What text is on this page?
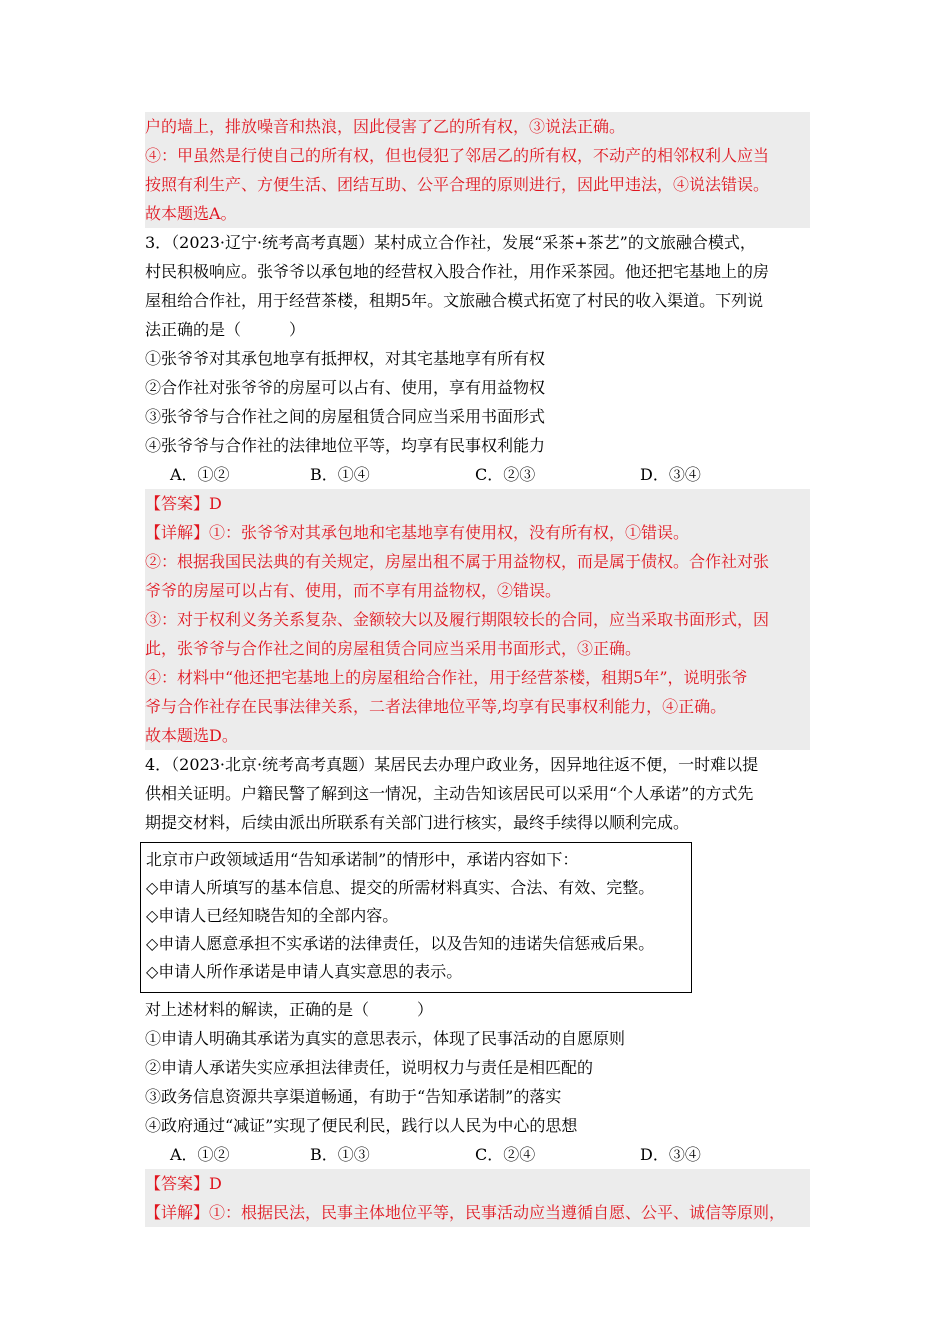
户的墙上，排放噪音和热浪，因此侵害了乙的所有权，③说法正确。
④：甲虽然是行使自己的所有权，但也侵犯了邻居乙的所有权，不动产的相邻权利人应当
按照有利生产、方便生活、团结互助、公平合理的原则进行，因此甲违法，④说法错误。
故本题选A。
3．（2023·辽宁·统考高考真题）某村成立合作社，发展“采茶+茶艺”的文旅融合模式，
村民积极响应。张爷爷以承包地的经营权入股合作社，用作采茶园。他还把宅基地上的房
屋租给合作社，用于经营茶楼，租期5年。文旅融合模式拓宽了村民的收入渠道。下列说
法正确的是（　　　）
①张爷爷对其承包地享有抵押权，对其宅基地享有所有权
②合作社对张爷爷的房屋可以占有、使用，享有用益物权
③张爷爷与合作社之间的房屋租赁合同应当采用书面形式
④张爷爷与合作社的法律地位平等，均享有民事权利能力
A．①②	B．①④	C．②③	D．③④
【答案】D
【详解】①：张爷爷对其承包地和宅基地享有使用权，没有所有权，①错误。
②：根据我国民法典的有关规定，房屋出租不属于用益物权，而是属于债权。合作社对张
爷爷的房屋可以占有、使用，而不享有用益物权，②错误。
③：对于权利义务关系复杂、金额较大以及履行期限较长的合同，应当采取书面形式，因
此，张爷爷与合作社之间的房屋租赁合同应当采用书面形式，③正确。
④：材料中“他还把宅基地上的房屋租给合作社，用于经营茶楼，租期5年”，说明张爷
爷与合作社存在民事法律关系，二者法律地位平等,均享有民事权利能力，④正确。
故本题选D。
4．（2023·北京·统考高考真题）某居民去办理户政业务，因异地往返不便，一时难以提
供相关证明。户籍民警了解到这一情况，主动告知该居民可以采用“个人承诺”的方式先
期提交材料，后续由派出所联系有关部门进行核实，最终手续得以顺利完成。
北京市户政领域适用“告知承诺制”的情形中，承诺内容如下：
◇申请人所填写的基本信息、提交的所需材料真实、合法、有效、完整。
◇申请人已经知晓告知的全部内容。
◇申请人愿意承担不实承诺的法律责任，以及告知的违诺失信惩戒后果。
◇申请人所作承诺是申请人真实意思的表示。
对上述材料的解读，正确的是（　　　）
①申请人明确其承诺为真实的意思表示，体现了民事活动的自愿原则
②申请人承诺失实应承担法律责任，说明权力与责任是相匹配的
③政务信息资源共享渠道畅通，有助于“告知承诺制”的落实
④政府通过“减证”实现了便民利民，践行以人民为中心的思想
A．①②	B．①③	C．②④	D．③④
【答案】D
【详解】①：根据民法，民事主体地位平等，民事活动应当遵循自愿、公平、诚信等原则，
